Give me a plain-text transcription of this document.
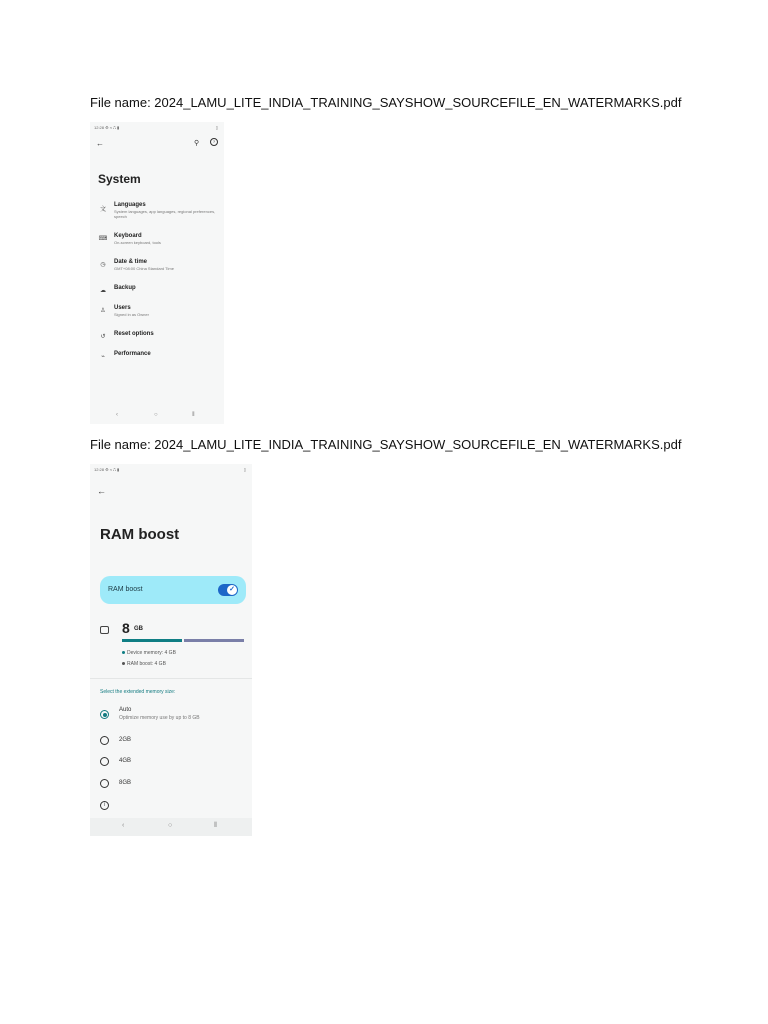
File name: 2024_LAMU_LITE_INDIA_TRAINING_SAYSHOW_SOURCEFILE_EN_WATERMARKS.pdf
12:28 ⚙ ≈ ⎍ ▮	▯
←	⚲	?
System
文
Languages
System languages, app languages, regional preferences, speech
⌨ Keyboard
On-screen keyboard, tools
◷	Date & time
GMT+08:00 China Standard Time
☁	Backup
♙	Users
Signed in as Owner
↺	Reset options
⌁	Performance
‹	○	⫴
File name: 2024_LAMU_LITE_INDIA_TRAINING_SAYSHOW_SOURCEFILE_EN_WATERMARKS.pdf
12:28 ⚙ ≈ ⎍ ▮	▯
←
RAM boost
RAM boost	✓
8 GB
Device memory: 4 GB
RAM boost: 4 GB
Select the extended memory size:
Auto
Optimize memory use by up to 8 GB
2GB
4GB
8GB
i
‹	○	⫴
